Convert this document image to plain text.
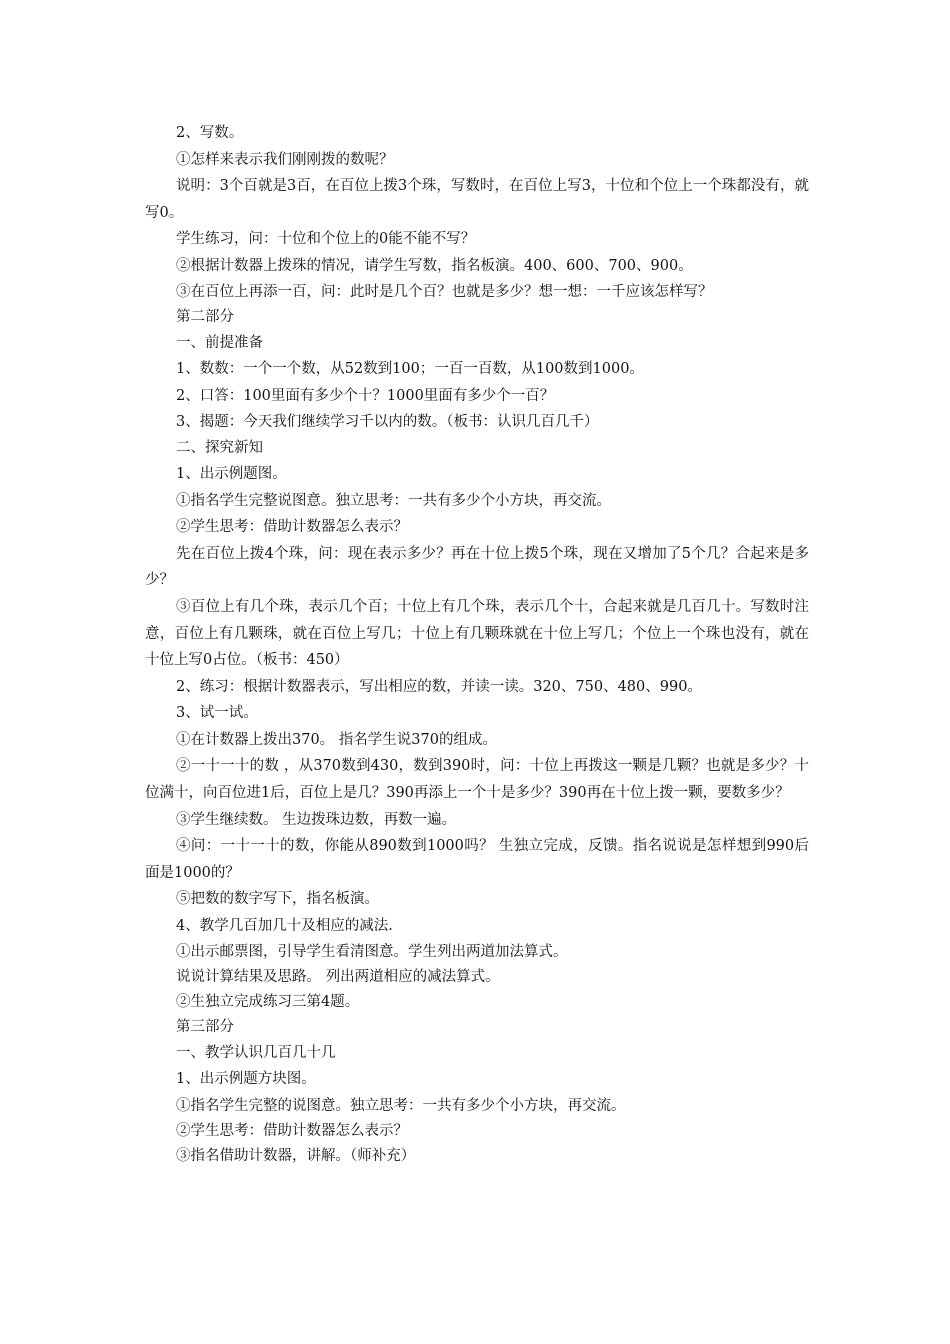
2、写数。

①怎样来表示我们刚刚拨的数呢？

说明：3个百就是3百，在百位上拨3个珠，写数时，在百位上写3，十位和个位上一个珠都没有，就写0。

学生练习，问：十位和个位上的0能不能不写？

②根据计数器上拨珠的情况，请学生写数，指名板演。400、600、700、900。

③在百位上再添一百，问：此时是几个百？也就是多少？想一想：一千应该怎样写？

第二部分

一、前提准备

1、数数：一个一个数，从52数到100；一百一百数，从100数到1000。

2、口答：100里面有多少个十？1000里面有多少个一百？

3、揭题：今天我们继续学习千以内的数。（板书：认识几百几千）

二、探究新知

1、出示例题图。

①指名学生完整说图意。独立思考：一共有多少个小方块，再交流。

②学生思考：借助计数器怎么表示？

先在百位上拨4个珠，问：现在表示多少？再在十位上拨5个珠，现在又增加了5个几？合起来是多少？

③百位上有几个珠，表示几个百；十位上有几个珠，表示几个十，合起来就是几百几十。写数时注意，百位上有几颗珠，就在百位上写几；十位上有几颗珠就在十位上写几；个位上一个珠也没有，就在十位上写0占位。（板书：450）

2、练习：根据计数器表示，写出相应的数，并读一读。320、750、480、990。

3、试一试。

①在计数器上拨出370。 指名学生说370的组成。

②一十一十的数 ，从370数到430，数到390时，问：十位上再拨这一颗是几颗？也就是多少？十位满十，向百位进1后，百位上是几？390再添上一个十是多少？390再在十位上拨一颗，要数多少？

③学生继续数。 生边拨珠边数，再数一遍。

④问：一十一十的数，你能从890数到1000吗？ 生独立完成，反馈。指名说说是怎样想到990后面是1000的？

⑤把数的数字写下，指名板演。

4、教学几百加几十及相应的减法.

①出示邮票图，引导学生看清图意。学生列出两道加法算式。

说说计算结果及思路。 列出两道相应的减法算式。

②生独立完成练习三第4题。

第三部分

一、教学认识几百几十几

1、出示例题方块图。

①指名学生完整的说图意。独立思考：一共有多少个小方块，再交流。

②学生思考：借助计数器怎么表示？

③指名借助计数器，讲解。（师补充）
